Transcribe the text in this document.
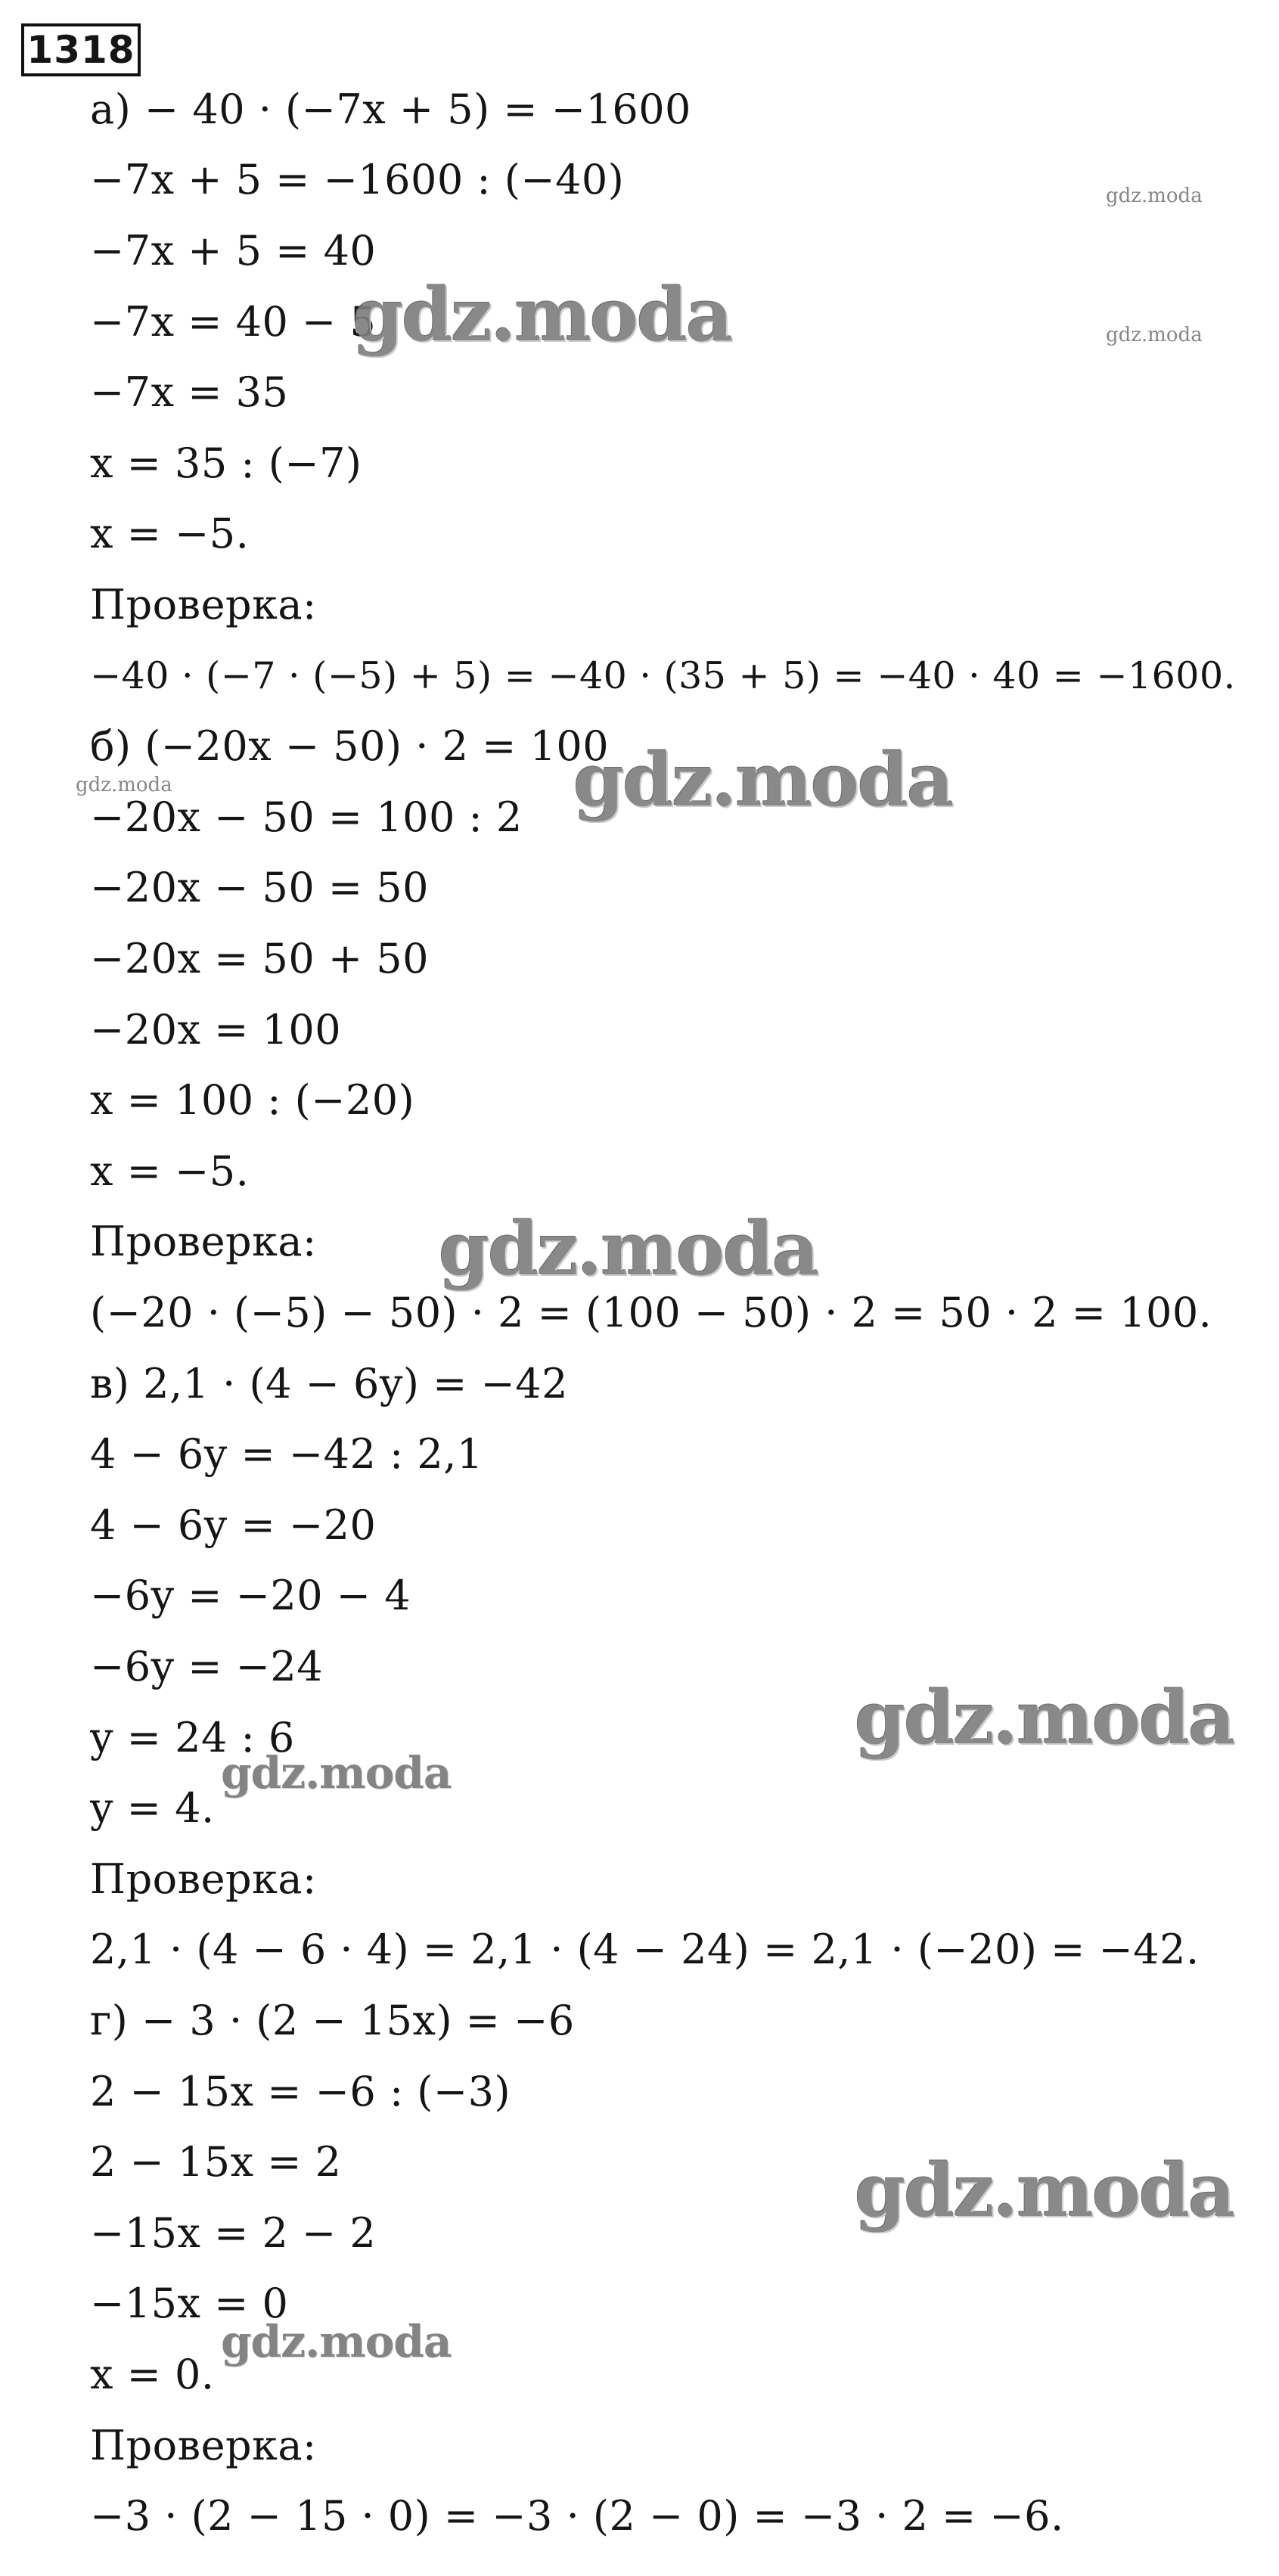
1318
а) − 40 · (−7x + 5) = −1600
−7x + 5 = −1600 : (−40)
−7x + 5 = 40
−7x = 40 − 5
−7x = 35
x = 35 : (−7)
x = −5.
Проверка:
−40 · (−7 · (−5) + 5) = −40 · (35 + 5) = −40 · 40 = −1600.
б) (−20x − 50) · 2 = 100
−20x − 50 = 100 : 2
−20x − 50 = 50
−20x = 50 + 50
−20x = 100
x = 100 : (−20)
x = −5.
Проверка:
(−20 · (−5) − 50) · 2 = (100 − 50) · 2 = 50 · 2 = 100.
в) 2,1 · (4 − 6y) = −42
4 − 6y = −42 : 2,1
4 − 6y = −20
−6y = −20 − 4
−6y = −24
y = 24 : 6
y = 4.
Проверка:
2,1 · (4 − 6 · 4) = 2,1 · (4 − 24) = 2,1 · (−20) = −42.
г) − 3 · (2 − 15x) = −6
2 − 15x = −6 : (−3)
2 − 15x = 2
−15x = 2 − 2
−15x = 0
x = 0.
Проверка:
−3 · (2 − 15 · 0) = −3 · (2 − 0) = −3 · 2 = −6.
gdz.moda
gdz.moda
gdz.moda
gdz.moda	gdz.moda
gdz.moda
gdz.moda
gdz.moda
gdz.moda
gdz.moda
